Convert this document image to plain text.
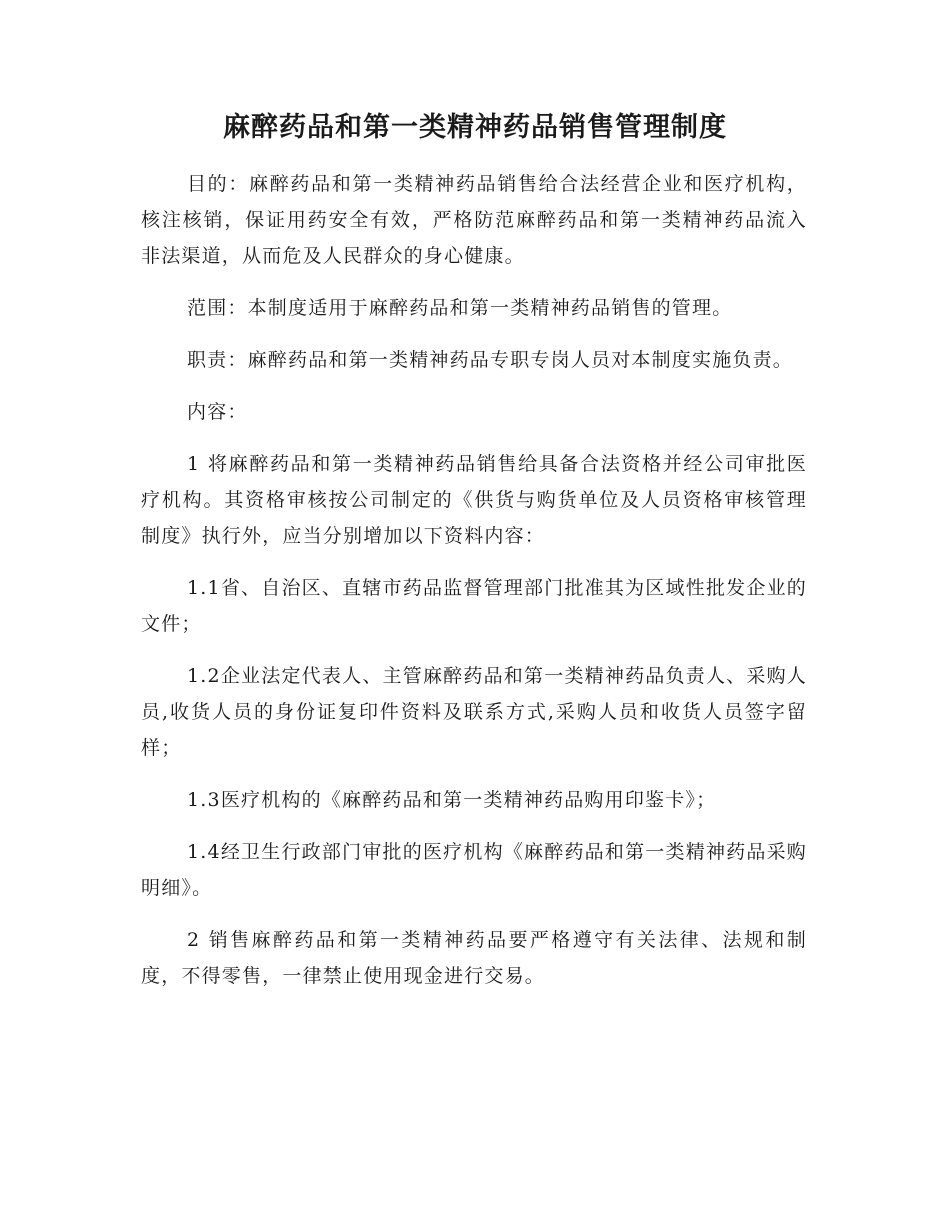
麻醉药品和第一类精神药品销售管理制度

目的：麻醉药品和第一类精神药品销售给合法经营企业和医疗机构，核注核销，保证用药安全有效，严格防范麻醉药品和第一类精神药品流入非法渠道，从而危及人民群众的身心健康。

范围：本制度适用于麻醉药品和第一类精神药品销售的管理。

职责：麻醉药品和第一类精神药品专职专岗人员对本制度实施负责。

内容：

1 将麻醉药品和第一类精神药品销售给具备合法资格并经公司审批医疗机构。其资格审核按公司制定的《供货与购货单位及人员资格审核管理制度》执行外，应当分别增加以下资料内容：

1.1省、自治区、直辖市药品监督管理部门批准其为区域性批发企业的文件；

1.2企业法定代表人、主管麻醉药品和第一类精神药品负责人、采购人员,收货人员的身份证复印件资料及联系方式,采购人员和收货人员签字留样；

1.3医疗机构的《麻醉药品和第一类精神药品购用印鉴卡》；

1.4经卫生行政部门审批的医疗机构《麻醉药品和第一类精神药品采购明细》。

2 销售麻醉药品和第一类精神药品要严格遵守有关法律、法规和制度，不得零售，一律禁止使用现金进行交易。
